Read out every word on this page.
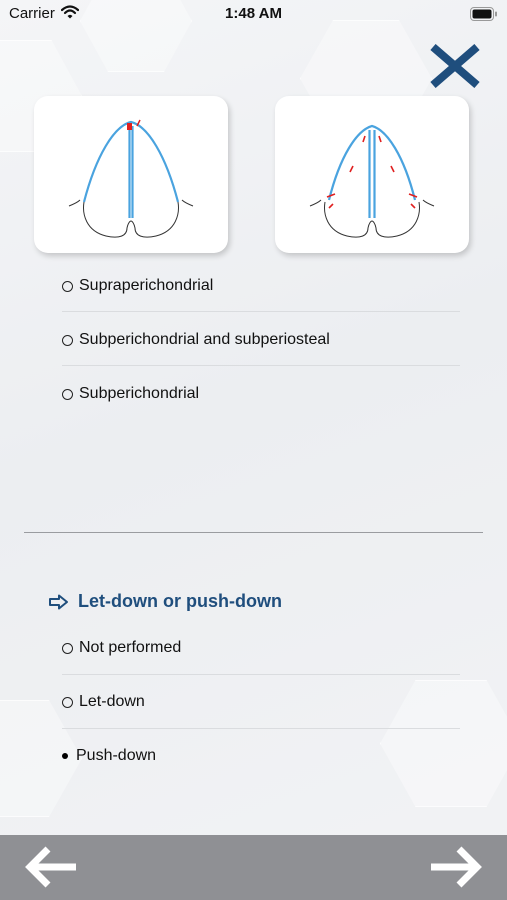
Carrier	1:48 AM
Supraperichondrial
Subperichondrial and subperiosteal
Subperichondrial
Let-down or push-down
Not performed
Let-down
Push-down
